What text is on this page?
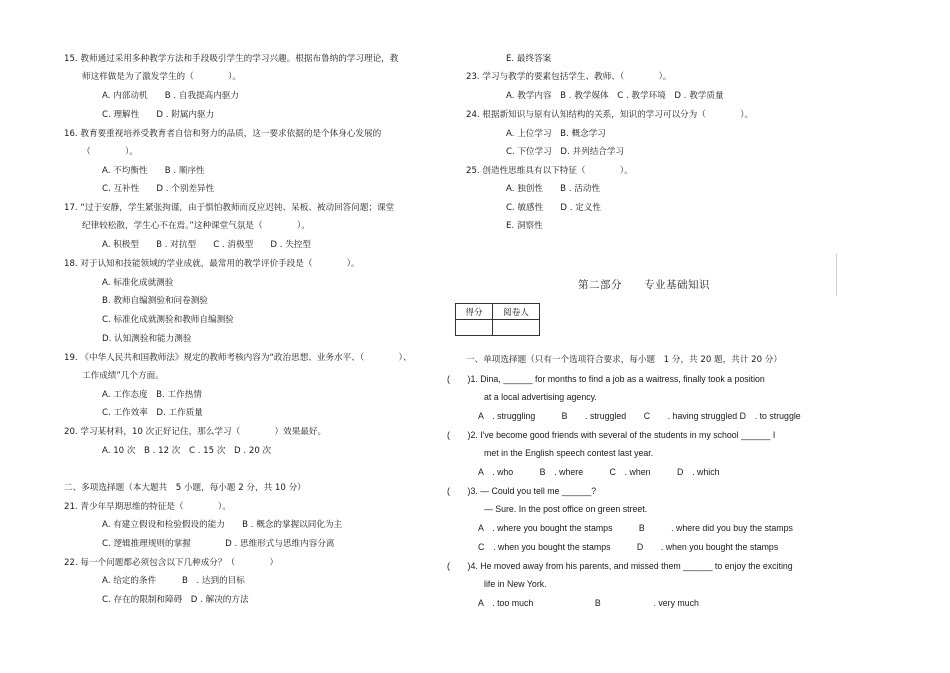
15. 教师通过采用多种教学方法和手段吸引学生的学习兴趣。根据布鲁纳的学习理论，教
师这样做是为了激发学生的（　　　　）。
A. 内部动机　　B . 自我提高内驱力
C. 理解性　　D . 附属内驱力
16. 教育要重视培养受教育者自信和努力的品质，这一要求依据的是个体身心发展的
（　　　　）。
A. 不均衡性　　B . 顺序性
C. 互补性　　D . 个别差异性
17. “过于安静，学生紧张拘谨，由于惧怕教师而反应迟钝、呆板、被动回答问题；课堂
纪律较松散，学生心不在焉。”这种课堂气氛是（　　　　）。
A. 积极型　　B . 对抗型　　C . 消极型　　D . 失控型
18. 对于认知和技能领域的学业成就，最常用的教学评价手段是（　　　　）。
A. 标准化成就测验
B. 教师自编测验和问卷测验
C. 标准化成就测验和教师自编测验
D. 认知测验和能力测验
19. 《中华人民共和国教师法》规定的教师考核内容为“政治思想、业务水平、（　　　　）、
工作成绩”几个方面。
A. 工作态度　B. 工作热情
C. 工作效率　D. 工作质量
20. 学习某材料，10 次正好记住，那么学习（　　　　）效果最好。
A. 10 次　B . 12 次　C . 15 次　D . 20 次
二、多项选择题（本大题共　5 小题，每小题 2 分，共 10 分）
21. 青少年早期思维的特征是（　　　　）。
A. 有建立假设和检验假设的能力　　B . 概念的掌握以同化为主
C. 逻辑推理规则的掌握　　　　D . 思维形式与思维内容分离
22. 每一个问题都必须包含以下几种成分？（　　　　）
A. 给定的条件　　　B　. 达到的目标
C. 存在的限制和障碍　D . 解决的方法
E. 最终答案
23. 学习与教学的要素包括学生、教师、（　　　　）。
A. 教学内容　B . 教学媒体　C . 教学环境　D . 教学质量
24. 根据新知识与原有认知结构的关系，知识的学习可以分为（　　　　）。
A. 上位学习　B. 概念学习
C. 下位学习　D. 并列结合学习
25. 创造性思维具有以下特征（　　　　）。
A. 独创性　　B . 活动性
C. 敏感性　　D . 定义性
E. 洞察性
第二部分 专业基础知识
得分	阅卷人

一、单项选择题（只有一个选项符合要求，每小题　1 分，共 20 题，共计 20 分）
(　　)1. Dina, ______ for months to find a job as a waitress, finally took a position
at a local advertising agency.
A　. struggling　　　B　　. struggled　　C　　. having struggled D　. to struggle
(　　)2. I've become good friends with several of the students in my school ______ I
met in the English speech contest last year.
A　. who　　　B　. where　　　C　. when　　　D　. which
(　　)3. — Could you tell me ______?
— Sure. In the post office on green street.
A　. where you bought the stamps　　　B　　　. where did you buy the stamps
C　. when you bought the stamps　　　D　　. when you bought the stamps
(　　)4. He moved away from his parents, and missed them ______ to enjoy the exciting
life in New York.
A　. too much　　　　　　　B　　　　　　. very much
